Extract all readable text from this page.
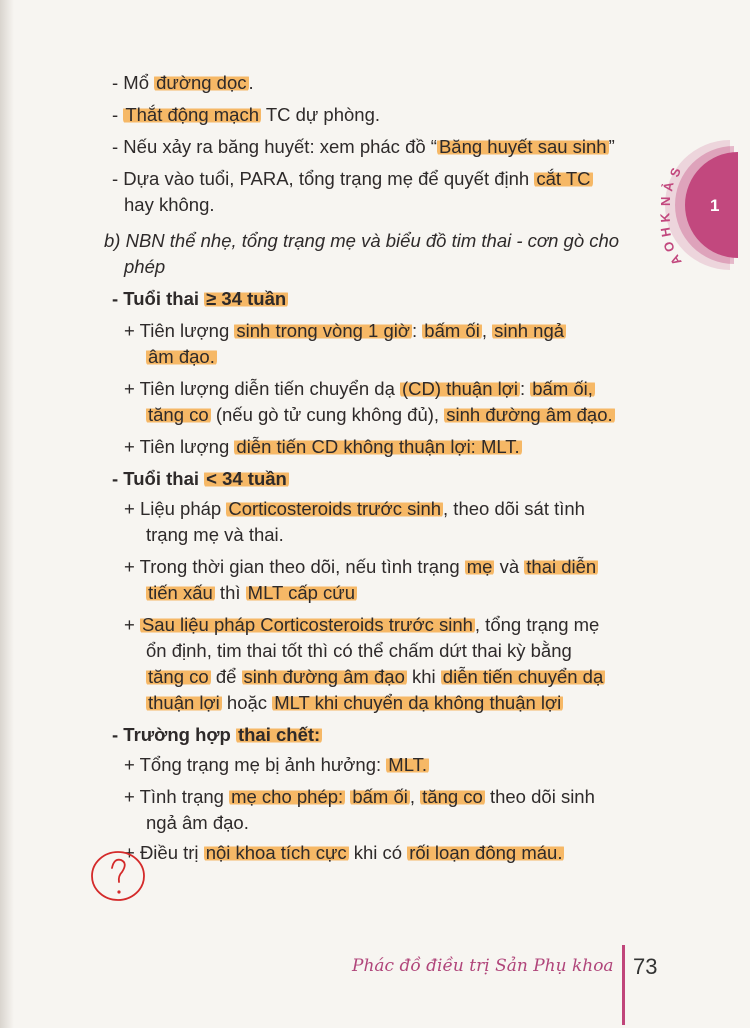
- Mổ đường dọc .
- Thắt động mạch TC dự phòng.
- Nếu xảy ra băng huyết: xem phác đồ “ Băng huyết sau sinh ”
- Dựa vào tuổi, PARA, tổng trạng mẹ để quyết định cắt TC
hay không.
b) NBN thể nhẹ, tổng trạng mẹ và biểu đồ tim thai - cơn gò cho
phép
- Tuổi thai ≥ 34 tuần
+ Tiên lượng sinh trong vòng 1 giờ : bấm ối , sinh ngả
âm đạo.
+ Tiên lượng diễn tiến chuyển dạ (CD) thuận lợi : bấm ối,
tăng co (nếu gò tử cung không đủ), sinh đường âm đạo.
+ Tiên lượng diễn tiến CD không thuận lợi: MLT.
- Tuổi thai < 34 tuần
+ Liệu pháp Corticosteroids trước sinh , theo dõi sát tình
trạng mẹ và thai.
+ Trong thời gian theo dõi, nếu tình trạng mẹ và thai diễn
tiến xấu thì MLT cấp cứu
+ Sau liệu pháp Corticosteroids trước sinh , tổng trạng mẹ
ổn định, tim thai tốt thì có thể chấm dứt thai kỳ bằng
tăng co để sinh đường âm đạo khi diễn tiến chuyển dạ
thuận lợi hoặc MLT khi chuyển dạ không thuận lợi
- Trường hợp thai chết:
+ Tổng trạng mẹ bị ảnh hưởng: MLT.
+ Tình trạng mẹ cho phép: bấm ối , tăng co theo dõi sinh
ngả âm đạo.
+ Điều trị nội khoa tích cực khi có rối loạn đông máu.
S
Ả
N
K
H
O
A
1
Phác đồ điều trị Sản Phụ khoa 73
